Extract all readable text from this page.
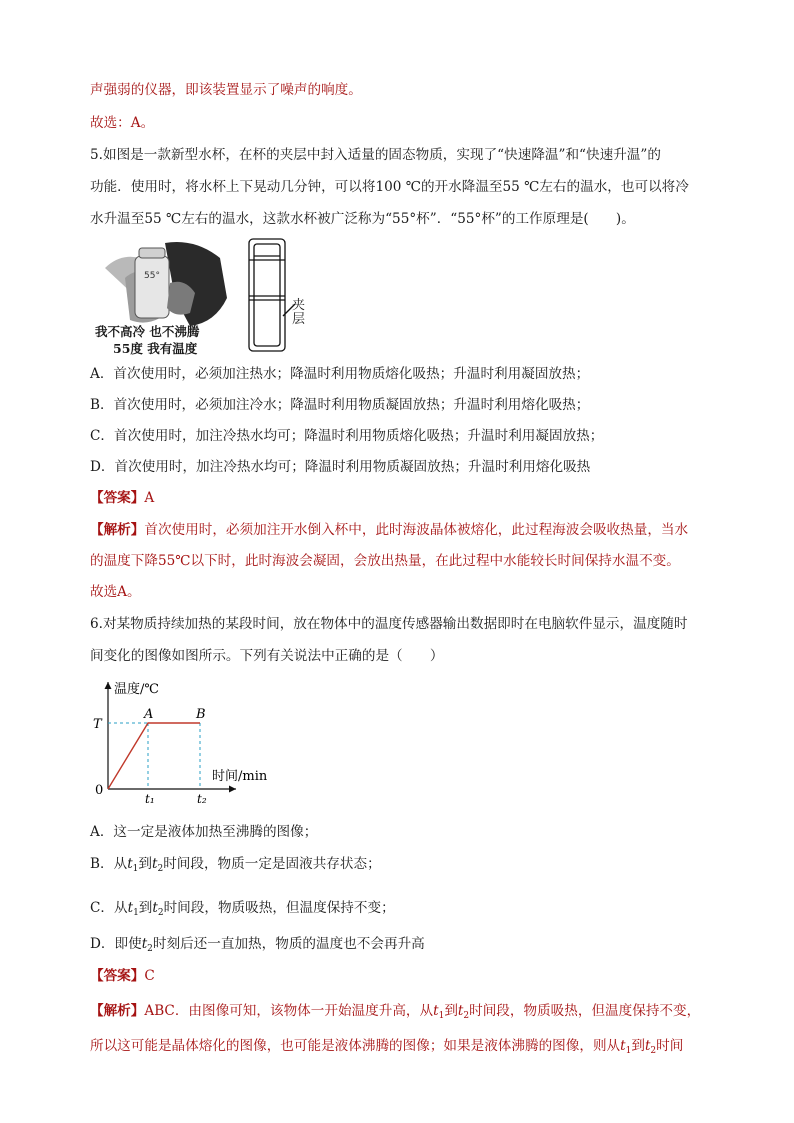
声强弱的仪器，即该装置显示了噪声的响度。
故选：A。
5.如图是一款新型水杯，在杯的夹层中封入适量的固态物质，实现了“快速降温”和“快速升温”的
功能．使用时，将水杯上下晃动几分钟，可以将100 ℃的开水降温至55 ℃左右的温水，也可以将冷
水升温至55 ℃左右的温水，这款水杯被广泛称为“55°杯”．“55°杯”的工作原理是(　　)。
55°
我不高冷 也不沸腾
55度 我有温度
夹
层
A．首次使用时，必须加注热水；降温时利用物质熔化吸热；升温时利用凝固放热；
B．首次使用时，必须加注冷水；降温时利用物质凝固放热；升温时利用熔化吸热；
C．首次使用时，加注冷热水均可；降温时利用物质熔化吸热；升温时利用凝固放热；
D．首次使用时，加注冷热水均可；降温时利用物质凝固放热；升温时利用熔化吸热
【答案】A
【解析】首次使用时，必须加注开水倒入杯中，此时海波晶体被熔化，此过程海波会吸收热量，当水
的温度下降55℃以下时，此时海波会凝固，会放出热量，在此过程中水能较长时间保持水温不变。
故选A。
6.对某物质持续加热的某段时间，放在物体中的温度传感器输出数据即时在电脑软件显示，温度随时
间变化的图像如图所示。下列有关说法中正确的是（　　）
温度/℃
时间/min
0
T
A	B
t₁	t₂
A．这一定是液体加热至沸腾的图像；
B．从$t_1$到$t_2$时间段，物质一定是固液共存状态；
C．从$t_1$到$t_2$时间段，物质吸热，但温度保持不变；
D．即使$t_2$时刻后还一直加热，物质的温度也不会再升高
【答案】C
【解析】ABC．由图像可知，该物体一开始温度升高，从$t_1$到$t_2$时间段，物质吸热，但温度保持不变，
所以这可能是晶体熔化的图像，也可能是液体沸腾的图像；如果是液体沸腾的图像，则从$t_1$到$t_2$时间
